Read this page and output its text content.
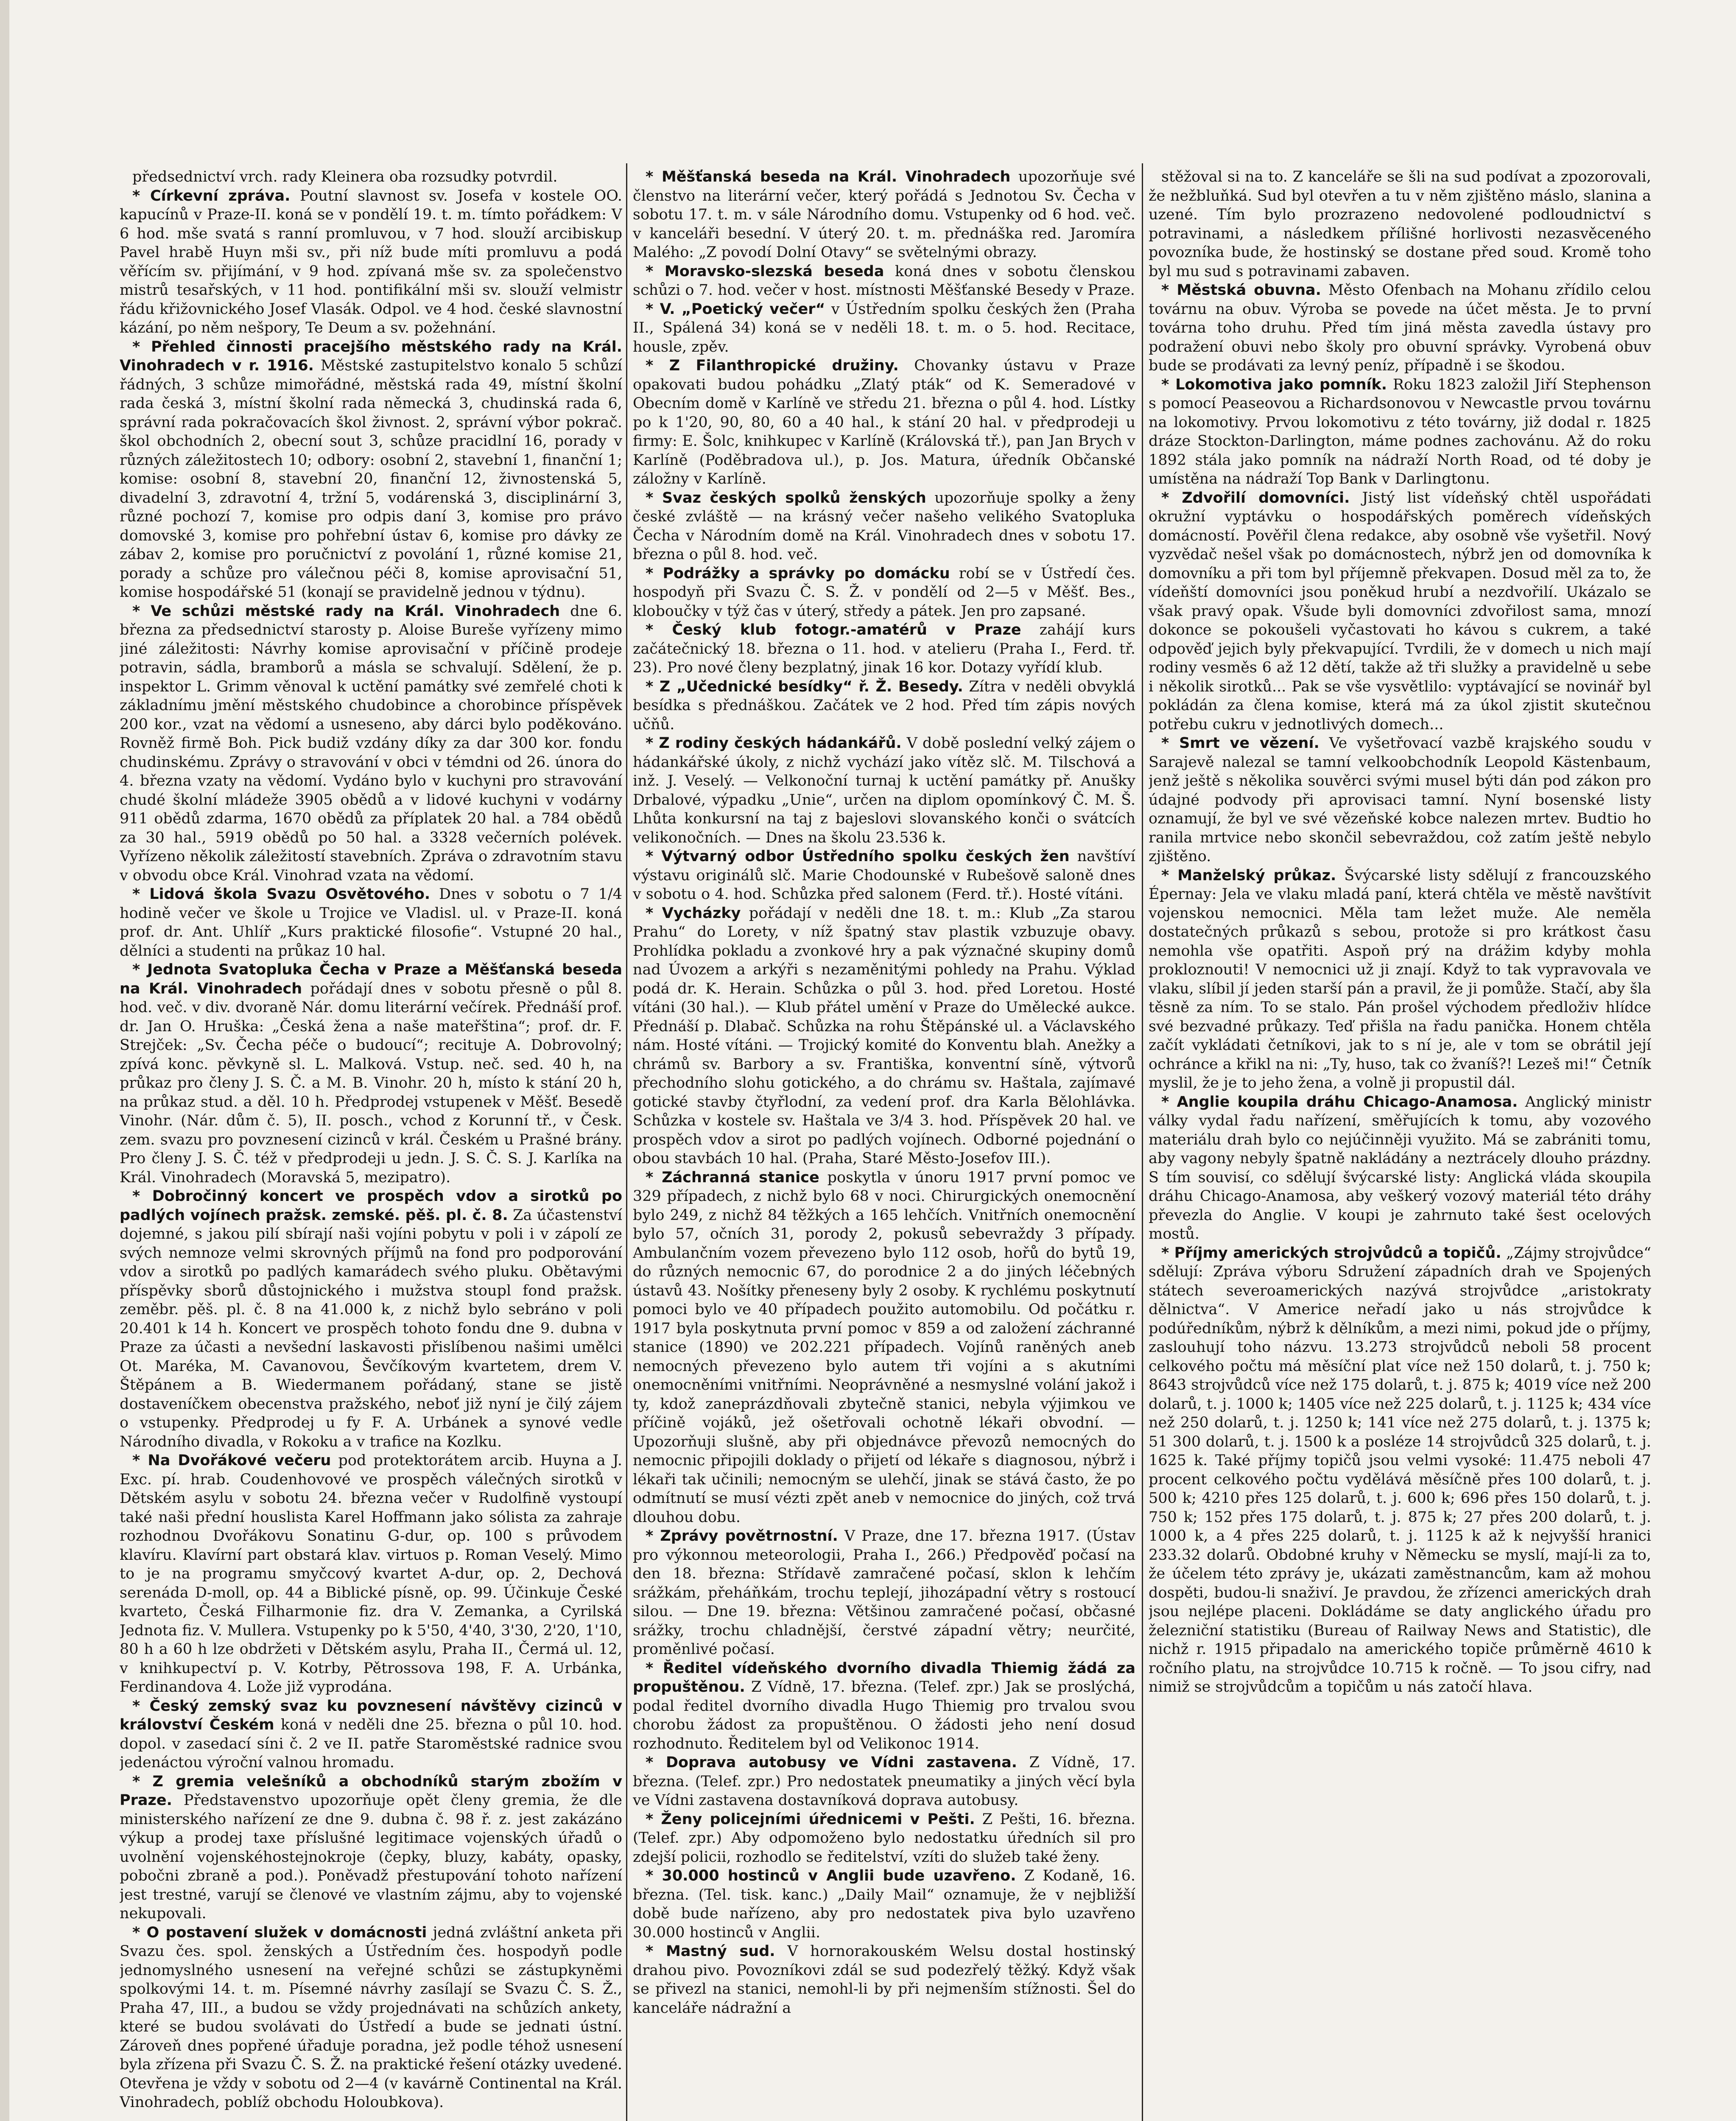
předsednictví vrch. rady Kleinera oba rozsudky potvrdil.

* Církevní zpráva. Poutní slavnost sv. Josefa v kostele OO. kapucínů v Praze-II. koná se v pondělí 19. t. m. tímto pořádkem: V 6 hod. mše svatá s ranní promluvou, v 7 hod. slouží arcibiskup Pavel hrabě Huyn mši sv., při níž bude míti promluvu a podá věřícím sv. přijímání, v 9 hod. zpívaná mše sv. za společenstvo mistrů tesařských, v 11 hod. pontifikální mši sv. slouží velmistr řádu křižovnického Josef Vlasák. Odpol. ve 4 hod. české slavnostní kázání, po něm nešpory, Te Deum a sv. požehnání.

* Přehled činnosti pracejšího městského rady na Král. Vinohradech v r. 1916. Městské zastupitelstvo konalo 5 schůzí řádných, 3 schůze mimořádné, městská rada 49, místní školní rada česká 3, místní školní rada německá 3, chudinská rada 6, správní rada pokračovacích škol živnost. 2, správní výbor pokrač. škol obchodních 2, obecní sout 3, schůze pracidlní 16, porady v různých záležitostech 10; odbory: osobní 2, stavební 1, finanční 1; komise: osobní 8, stavební 20, finanční 12, živnostenská 5, divadelní 3, zdravotní 4, tržní 5, vodárenská 3, disciplinární 3, různé pochozí 7, komise pro odpis daní 3, komise pro právo domovské 3, komise pro pohřební ústav 6, komise pro dávky ze zábav 2, komise pro poručnictví z povolání 1, různé komise 21, porady a schůze pro válečnou péči 8, komise aprovisační 51, komise hospodářské 51 (konají se pravidelně jednou v týdnu).

* Ve schůzi městské rady na Král. Vinohradech dne 6. března za předsednictví starosty p. Aloise Bureše vyřízeny mimo jiné záležitosti: Návrhy komise aprovisační v příčině prodeje potravin, sádla, bramborů a másla se schvalují. Sdělení, že p. inspektor L. Grimm věnoval k uctění památky své zemřelé choti k základnímu jmění městského chudobince a chorobince příspěvek 200 kor., vzat na vědomí a usneseno, aby dárci bylo poděkováno. Rovněž firmě Boh. Pick budiž vzdány díky za dar 300 kor. fondu chudinskému. Zprávy o stravování v obci v témdni od 26. února do 4. března vzaty na vědomí. Vydáno bylo v kuchyni pro stravování chudé školní mládeže 3905 obědů a v lidové kuchyni v vodárny 911 obědů zdarma, 1670 obědů za příplatek 20 hal. a 784 obědů za 30 hal., 5919 obědů po 50 hal. a 3328 večerních polévek. Vyřízeno několik záležitostí stavebních. Zpráva o zdravotním stavu v obvodu obce Král. Vinohrad vzata na vědomí.

* Lidová škola Svazu Osvětového. Dnes v sobotu o 7 1/4 hodině večer ve škole u Trojice ve Vladisl. ul. v Praze-II. koná prof. dr. Ant. Uhlíř „Kurs praktické filosofie“. Vstupné 20 hal., dělníci a studenti na průkaz 10 hal.

* Jednota Svatopluka Čecha v Praze a Měšťanská beseda na Král. Vinohradech pořádají dnes v sobotu přesně o půl 8. hod. več. v div. dvoraně Nár. domu literární večírek. Přednáší prof. dr. Jan O. Hruška: „Česká žena a naše mateřština“; prof. dr. F. Strejček: „Sv. Čecha péče o budoucí“; recituje A. Dobrovolný; zpívá konc. pěvkyně sl. L. Malková. Vstup. neč. sed. 40 h, na průkaz pro členy J. S. Č. a M. B. Vinohr. 20 h, místo k stání 20 h, na průkaz stud. a děl. 10 h. Předprodej vstupenek v Měšť. Besedě Vinohr. (Nár. dům č. 5), II. posch., vchod z Korunní tř., v Česk. zem. svazu pro povznesení cizinců v král. Českém u Prašné brány. Pro členy J. S. Č. též v předprodeji u jedn. J. S. Č. S. J. Karlíka na Král. Vinohradech (Moravská 5, mezipatro).

* Dobročinný koncert ve prospěch vdov a sirotků po padlých vojínech pražsk. zemské. pěš. pl. č. 8. Za účastenství dojemné, s jakou pilí sbírají naši vojíni pobytu v poli i v zápolí ze svých nemnoze velmi skrovných příjmů na fond pro podporování vdov a sirotků po padlých kamarádech svého pluku. Obětavými příspěvky sborů důstojnického i mužstva stoupl fond pražsk. zeměbr. pěš. pl. č. 8 na 41.000 k, z nichž bylo sebráno v poli 20.401 k 14 h. Koncert ve prospěch tohoto fondu dne 9. dubna v Praze za účasti a nevšední laskavosti přislíbenou našimi umělci Ot. Maréka, M. Cavanovou, Ševčíkovým kvartetem, drem V. Štěpánem a B. Wiedermanem pořádaný, stane se jistě dostaveníčkem obecenstva pražského, neboť již nyní je čilý zájem o vstupenky. Předprodej u fy F. A. Urbánek a synové vedle Národního divadla, v Rokoku a v trafice na Kozlku.

* Na Dvořákové večeru pod protektorátem arcib. Huyna a J. Exc. pí. hrab. Coudenhovové ve prospěch válečných sirotků v Dětském asylu v sobotu 24. března večer v Rudolfině vystoupí také naši přední houslista Karel Hoffmann jako sólista za zahraje rozhodnou Dvořákovu Sonatinu G-dur, op. 100 s průvodem klavíru. Klavírní part obstará klav. virtuos p. Roman Veselý. Mimo to je na programu smyčcový kvartet A-dur, op. 2, Dechová serenáda D-moll, op. 44 a Biblické písně, op. 99. Účinkuje České kvarteto, Česká Filharmonie fiz. dra V. Zemanka, a Cyrilská Jednota fiz. V. Mullera. Vstupenky po k 5'50, 4'40, 3'30, 2'20, 1'10, 80 h a 60 h lze obdržeti v Dětském asylu, Praha II., Čermá ul. 12, v knihkupectví p. V. Kotrby, Pětrossova 198, F. A. Urbánka, Ferdinandova 4. Lože již vyprodána.

* Český zemský svaz ku povznesení návštěvy cizinců v království Českém koná v neděli dne 25. března o půl 10. hod. dopol. v zasedací síni č. 2 ve II. patře Staroměstské radnice svou jedenáctou výroční valnou hromadu.

* Z gremia velešníků a obchodníků starým zbožím v Praze. Představenstvo upozorňuje opět členy gremia, že dle ministerského nařízení ze dne 9. dubna č. 98 ř. z. jest zakázáno výkup a prodej taxe příslušné legitimace vojenských úřadů o uvolnění vojenskéhostejnokroje (čepky, bluzy, kabáty, opasky, pobočni zbraně a pod.). Poněvadž přestupování tohoto nařízení jest trestné, varují se členové ve vlastním zájmu, aby to vojenské nekupovali.

* O postavení služek v domácnosti jedná zvláštní anketa při Svazu čes. spol. ženských a Ústředním čes. hospodyň podle jednomyslného usnesení na veřejné schůzi se zástupkyněmi spolkovými 14. t. m. Písemné návrhy zasílají se Svazu Č. S. Ž., Praha 47, III., a budou se vždy projednávati na schůzích ankety, které se budou svolávati do Ústředí a bude se jednati ústní. Zároveň dnes popřené úřaduje poradna, jež podle téhož usnesení byla zřízena při Svazu Č. S. Ž. na praktické řešení otázky uvedené. Otevřena je vždy v sobotu od 2—4 (v kavárně Continental na Král. Vinohradech, poblíž obchodu Holoubkova).

* Měšťanská beseda na Král. Vinohradech upozorňuje své členstvo na literární večer, který pořádá s Jednotou Sv. Čecha v sobotu 17. t. m. v sále Národního domu. Vstupenky od 6 hod. več. v kanceláři besední. V úterý 20. t. m. přednáška red. Jaromíra Malého: „Z povodí Dolní Otavy“ se světelnými obrazy.

* Moravsko-slezská beseda koná dnes v sobotu členskou schůzi o 7. hod. večer v host. místnosti Měšťanské Besedy v Praze.

* V. „Poetický večer“ v Ústředním spolku českých žen (Praha II., Spálená 34) koná se v neděli 18. t. m. o 5. hod. Recitace, housle, zpěv.

* Z Filanthropické družiny. Chovanky ústavu v Praze opakovati budou pohádku „Zlatý pták“ od K. Semeradové v Obecním domě v Karlíně ve středu 21. března o půl 4. hod. Lístky po k 1'20, 90, 80, 60 a 40 hal., k stání 20 hal. v předprodeji u firmy: E. Šolc, knihkupec v Karlíně (Královská tř.), pan Jan Brych v Karlíně (Poděbradova ul.), p. Jos. Matura, úředník Občanské záložny v Karlíně.

* Svaz českých spolků ženských upozorňuje spolky a ženy české zvláště — na krásný večer našeho velikého Svatopluka Čecha v Národním domě na Král. Vinohradech dnes v sobotu 17. března o půl 8. hod. več.

* Podrážky a správky po domácku robí se v Ústředí čes. hospodyň při Svazu Č. S. Ž. v pondělí od 2—5 v Měšť. Bes., kloboučky v týž čas v úterý, středy a pátek. Jen pro zapsané.

* Český klub fotogr.-amatérů v Praze zahájí kurs začátečnický 18. března o 11. hod. v atelieru (Praha I., Ferd. tř. 23). Pro nové členy bezplatný, jinak 16 kor. Dotazy vyřídí klub.

* Z „Učednické besídky“ ř. Ž. Besedy. Zítra v neděli obvyklá besídka s přednáškou. Začátek ve 2 hod. Před tím zápis nových učňů.

* Z rodiny českých hádankářů. V době poslední velký zájem o hádankářské úkoly, z nichž vychází jako vítěz slč. M. Tilschová a inž. J. Veselý. — Velkonoční turnaj k uctění památky př. Anušky Drbalové, výpadku „Unie“, určen na diplom opomínkový Č. M. Š. Lhůta konkursní na taj z bajeslovi slovanského konči o svátcích velikonočních. — Dnes na školu 23.536 k.

* Výtvarný odbor Ústředního spolku českých žen navštíví výstavu originálů slč. Marie Chodounské v Rubešově saloně dnes v sobotu o 4. hod. Schůzka před salonem (Ferd. tř.). Hosté vítáni.

* Vycházky pořádají v neděli dne 18. t. m.: Klub „Za starou Prahu“ do Lorety, v níž špatný stav plastik vzbuzuje obavy. Prohlídka pokladu a zvonkové hry a pak význačné skupiny domů nad Úvozem a arkýři s nezaměnitými pohledy na Prahu. Výklad podá dr. K. Herain. Schůzka o půl 3. hod. před Loretou. Hosté vítáni (30 hal.). — Klub přátel umění v Praze do Umělecké aukce. Přednáší p. Dlabač. Schůzka na rohu Štěpánské ul. a Václavského nám. Hosté vítáni. — Trojický komité do Konventu blah. Anežky a chrámů sv. Barbory a sv. Františka, konventní síně, výtvorů přechodního slohu gotického, a do chrámu sv. Haštala, zajímavé gotické stavby čtyřlodní, za vedení prof. dra Karla Bělohlávka. Schůzka v kostele sv. Haštala ve 3/4 3. hod. Příspěvek 20 hal. ve prospěch vdov a sirot po padlých vojínech. Odborné pojednání o obou stavbách 10 hal. (Praha, Staré Město-Josefov III.).

* Záchranná stanice poskytla v únoru 1917 první pomoc ve 329 případech, z nichž bylo 68 v noci. Chirurgických onemocnění bylo 249, z nichž 84 těžkých a 165 lehčích. Vnitřních onemocnění bylo 57, očních 31, porody 2, pokusů sebevraždy 3 případy. Ambulančním vozem převezeno bylo 112 osob, hořů do bytů 19, do různých nemocnic 67, do porodnice 2 a do jiných léčebných ústavů 43. Nošítky přeneseny byly 2 osoby. K rychlému poskytnutí pomoci bylo ve 40 případech použito automobilu. Od počátku r. 1917 byla poskytnuta první pomoc v 859 a od založení záchranné stanice (1890) ve 202.221 případech. Vojínů raněných aneb nemocných převezeno bylo autem tři vojíni a s akutními onemocněními vnitřními. Neoprávněné a nesmyslné volání jakož i ty, kdož zaneprázdňovali zbytečně stanici, nebyla výjimkou ve příčině vojáků, jež ošetřovali ochotně lékaři obvodní. — Upozorňuji slušně, aby při objednávce převozů nemocných do nemocnic připojili doklady o přijetí od lékaře s diagnosou, nýbrž i lékaři tak učinili; nemocným se ulehčí, jinak se stává často, že po odmítnutí se musí vézti zpět aneb v nemocnice do jiných, což trvá dlouhou dobu.

* Zprávy povětrnostní. V Praze, dne 17. března 1917. (Ústav pro výkonnou meteorologii, Praha I., 266.) Předpověď počasí na den 18. března: Střídavě zamračené počasí, sklon k lehčím srážkám, přeháňkám, trochu teplejí, jihozápadní větry s rostoucí silou. — Dne 19. března: Většinou zamračené počasí, občasné srážky, trochu chladnější, čerstvé západní větry; neurčité, proměnlivé počasí.

* Ředitel vídeňského dvorního divadla Thiemig žádá za propuštěnou. Z Vídně, 17. března. (Telef. zpr.) Jak se proslýchá, podal ředitel dvorního divadla Hugo Thiemig pro trvalou svou chorobu žádost za propuštěnou. O žádosti jeho není dosud rozhodnuto. Ředitelem byl od Velikonoc 1914.

* Doprava autobusy ve Vídni zastavena. Z Vídně, 17. března. (Telef. zpr.) Pro nedostatek pneumatiky a jiných věcí byla ve Vídni zastavena dostavníková doprava autobusy.

* Ženy policejními úřednicemi v Pešti. Z Pešti, 16. března. (Telef. zpr.) Aby odpomoženo bylo nedostatku úředních sil pro zdejší policii, rozhodlo se ředitelství, vzíti do služeb také ženy.

* 30.000 hostinců v Anglii bude uzavřeno. Z Kodaně, 16. března. (Tel. tisk. kanc.) „Daily Mail“ oznamuje, že v nejbližší době bude nařízeno, aby pro nedostatek piva bylo uzavřeno 30.000 hostinců v Anglii.

* Mastný sud. V hornorakouském Welsu dostal hostinský drahou pivo. Povozníkovi zdál se sud podezřelý těžký. Když však se přivezl na stanici, nemohl-li by při nejmenším stížnosti. Šel do kanceláře nádražní a

stěžoval si na to. Z kanceláře se šli na sud podívat a zpozorovali, že nežbluňká. Sud byl otevřen a tu v něm zjištěno máslo, slanina a uzené. Tím bylo prozrazeno nedovolené podloudnictví s potravinami, a následkem přílišné horlivosti nezasvěceného povozníka bude, že hostinský se dostane před soud. Kromě toho byl mu sud s potravinami zabaven.

* Městská obuvna. Město Ofenbach na Mohanu zřídilo celou továrnu na obuv. Výroba se povede na účet města. Je to první továrna toho druhu. Před tím jiná města zavedla ústavy pro podražení obuvi nebo školy pro obuvní správky. Vyrobená obuv bude se prodávati za levný peníz, případně i se škodou.

* Lokomotiva jako pomník. Roku 1823 založil Jiří Stephenson s pomocí Peaseovou a Richardsonovou v Newcastle prvou továrnu na lokomotivy. Prvou lokomotivu z této továrny, již dodal r. 1825 dráze Stockton-Darlington, máme podnes zachovánu. Až do roku 1892 stála jako pomník na nádraží North Road, od té doby je umístěna na nádraží Top Bank v Darlingtonu.

* Zdvořilí domovníci. Jistý list vídeňský chtěl uspořádati okružní vyptávku o hospodářských poměrech vídeňských domácností. Pověřil člena redakce, aby osobně vše vyšetřil. Nový vyzvědač nešel však po domácnostech, nýbrž jen od domovníka k domovníku a při tom byl příjemně překvapen. Dosud měl za to, že vídeňští domovníci jsou poněkud hrubí a nezdvořilí. Ukázalo se však pravý opak. Všude byli domovníci zdvořilost sama, mnozí dokonce se pokoušeli vyčastovati ho kávou s cukrem, a také odpověď jejich byly překvapující. Tvrdili, že v domech u nich mají rodiny vesměs 6 až 12 dětí, takže až tři služky a pravidelně u sebe i několik sirotků... Pak se vše vysvětlilo: vyptávající se novinář byl pokládán za člena komise, která má za úkol zjistit skutečnou potřebu cukru v jednotlivých domech...

* Smrt ve vězení. Ve vyšetřovací vazbě krajského soudu v Sarajevě nalezal se tamní velkoobchodník Leopold Kästenbaum, jenž ještě s několika souvěrci svými musel býti dán pod zákon pro údajné podvody při aprovisaci tamní. Nyní bosenské listy oznamují, že byl ve své vězeňské kobce nalezen mrtev. Budtio ho ranila mrtvice nebo skončil sebevraždou, což zatím ještě nebylo zjištěno.

* Manželský průkaz. Švýcarské listy sdělují z francouzského Épernay: Jela ve vlaku mladá paní, která chtěla ve městě navštívit vojenskou nemocnici. Měla tam ležet muže. Ale neměla dostatečných průkazů s sebou, protože si pro krátkost času nemohla vše opatřiti. Aspoň prý na drážim kdyby mohla prokloznouti! V nemocnici už ji znají. Když to tak vypravovala ve vlaku, slíbil jí jeden starší pán a pravil, že ji pomůže. Stačí, aby šla těsně za ním. To se stalo. Pán prošel východem předloživ hlídce své bezvadné průkazy. Teď přišla na řadu panička. Honem chtěla začít vykládati četníkovi, jak to s ní je, ale v tom se obrátil její ochránce a křikl na ni: „Ty, huso, tak co žvaníš?! Lezeš mi!“ Četník myslil, že je to jeho žena, a volně ji propustil dál.

* Anglie koupila dráhu Chicago-Anamosa. Anglický ministr války vydal řadu nařízení, směřujících k tomu, aby vozového materiálu drah bylo co nejúčinněji využito. Má se zabrániti tomu, aby vagony nebyly špatně nakládány a neztrácely dlouho prázdny. S tím souvisí, co sdělují švýcarské listy: Anglická vláda skoupila dráhu Chicago-Anamosa, aby veškerý vozový materiál této dráhy převezla do Anglie. V koupi je zahrnuto také šest ocelových mostů.

* Příjmy amerických strojvůdců a topičů. „Zájmy strojvůdce“ sdělují: Zpráva výboru Sdružení západních drah ve Spojených státech severoamerických nazývá strojvůdce „aristokraty dělnictva“. V Americe neřadí jako u nás strojvůdce k podúředníkům, nýbrž k dělníkům, a mezi nimi, pokud jde o příjmy, zaslouhují toho názvu. 13.273 strojvůdců neboli 58 procent celkového počtu má měsíční plat více než 150 dolarů, t. j. 750 k; 8643 strojvůdců více než 175 dolarů, t. j. 875 k; 4019 více než 200 dolarů, t. j. 1000 k; 1405 více než 225 dolarů, t. j. 1125 k; 434 více než 250 dolarů, t. j. 1250 k; 141 více než 275 dolarů, t. j. 1375 k; 51 300 dolarů, t. j. 1500 k a posléze 14 strojvůdců 325 dolarů, t. j. 1625 k. Také příjmy topičů jsou velmi vysoké: 11.475 neboli 47 procent celkového počtu vydělává měsíčně přes 100 dolarů, t. j. 500 k; 4210 přes 125 dolarů, t. j. 600 k; 696 přes 150 dolarů, t. j. 750 k; 152 přes 175 dolarů, t. j. 875 k; 27 přes 200 dolarů, t. j. 1000 k, a 4 přes 225 dolarů, t. j. 1125 k až k nejvyšší hranici 233.32 dolarů. Obdobné kruhy v Německu se myslí, mají-li za to, že účelem této zprávy je, ukázati zaměstnancům, kam až mohou dospěti, budou-li snaživí. Je pravdou, že zřízenci amerických drah jsou nejlépe placeni. Dokládáme se daty anglického úřadu pro železniční statistiku (Bureau of Railway News and Statistic), dle nichž r. 1915 připadalo na amerického topiče průměrně 4610 k ročního platu, na strojvůdce 10.715 k ročně. — To jsou cifry, nad nimiž se strojvůdcům a topičům u nás zatočí hlava.
